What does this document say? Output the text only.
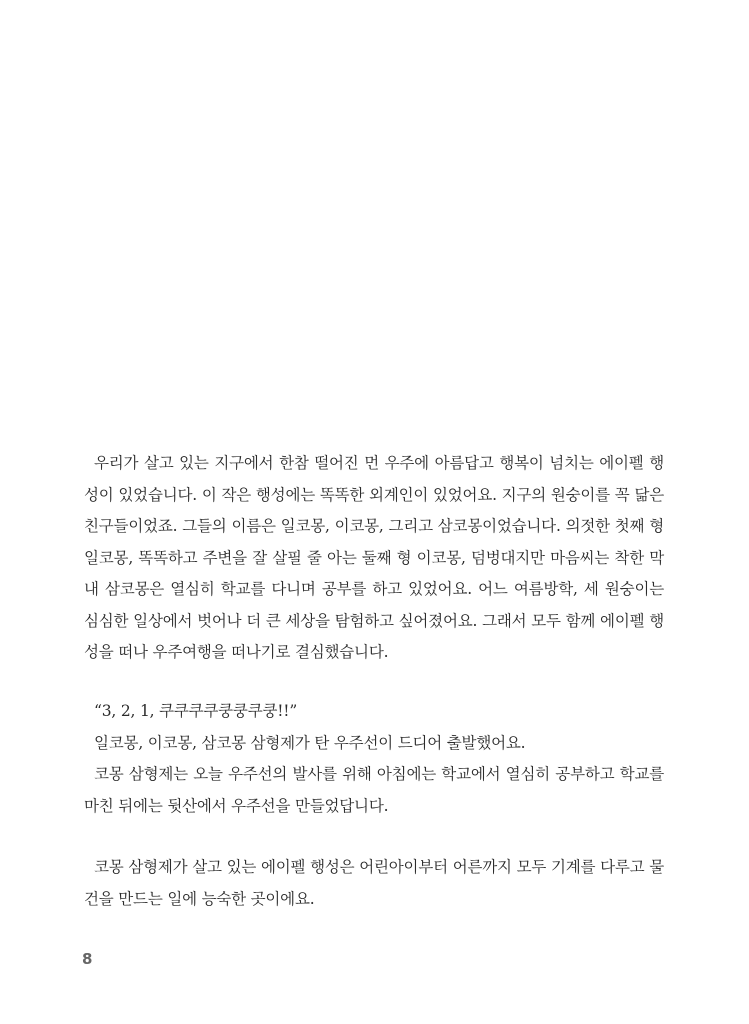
우리가 살고 있는 지구에서 한참 떨어진 먼 우주에 아름답고 행복이 넘치는 에이펠 행성이 있었습니다. 이 작은 행성에는 똑똑한 외계인이 있었어요. 지구의 원숭이를 꼭 닮은 친구들이었죠. 그들의 이름은 일코몽, 이코몽, 그리고 삼코몽이었습니다. 의젓한 첫째 형 일코몽, 똑똑하고 주변을 잘 살필 줄 아는 둘째 형 이코몽, 덤벙대지만 마음씨는 착한 막내 삼코몽은 열심히 학교를 다니며 공부를 하고 있었어요. 어느 여름방학, 세 원숭이는 심심한 일상에서 벗어나 더 큰 세상을 탐험하고 싶어졌어요. 그래서 모두 함께 에이펠 행성을 떠나 우주여행을 떠나기로 결심했습니다.

“3, 2, 1, 쿠쿠쿠쿠쿵쿵쿠쿵!!”

일코몽, 이코몽, 삼코몽 삼형제가 탄 우주선이 드디어 출발했어요.

코몽 삼형제는 오늘 우주선의 발사를 위해 아침에는 학교에서 열심히 공부하고 학교를 마친 뒤에는 뒷산에서 우주선을 만들었답니다.

코몽 삼형제가 살고 있는 에이펠 행성은 어린아이부터 어른까지 모두 기계를 다루고 물건을 만드는 일에 능숙한 곳이에요.

8
